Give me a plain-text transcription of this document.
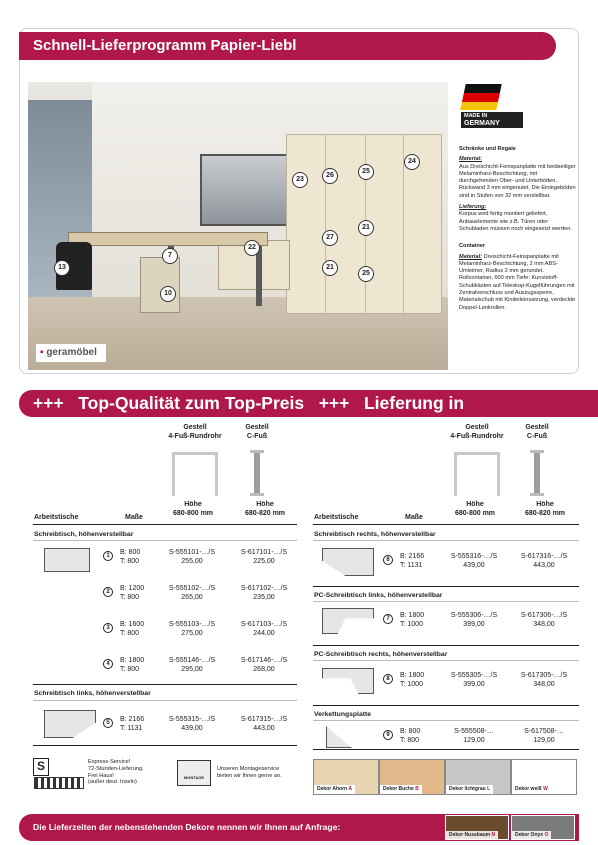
Schnell-Lieferprogramm Papier-Liebl
23
26
25
24
7
22
13
10
21
27
21
25
▪ geramöbel
MADE IN
GERMANY

Schränke und Regale

Material:
Aus Dreischicht-Feinspanplatte mit beidseitiger Melaminharz-Beschichtung, mit durchgehenden Ober- und Unterböden, Rückwand 3 mm eingenutet. Die Einlegeböden sind in Stufen von 32 mm verstellbar.

Lieferung:
Korpus wird fertig montiert geliefert, Anbauelemente wie z.B. Türen oder Schubladen müssen noch eingesetzt werden.

Container

Material: Dreischicht-Feinspanplatte mit Melaminharz-Beschichtung, 2 mm ABS-Umleimer, Radius 2 mm gerundet. Rollcontainer, 600 mm Tiefe: Kunststoff-Schubkästen auf Teleskop-Kugelführungen mit Zentralverschluss und Auszugssperre, Materialschub mit Kiniteileinsatzung, verdeckte Doppel-Lenkrollen.

+++   Top-Qualität zum Top-Preis   +++   Lieferung in
Gestell
4-Fuß-Rundrohr
Gestell
C-Fuß
Höhe
680-800 mm
Höhe
680-820 mm
Arbeitstische	Maße
Gestell
4-Fuß-Rundrohr
Gestell
C-Fuß
Höhe
680-800 mm
Höhe
680-820 mm
Arbeitstische	Maße
Schreibtisch, höhenverstellbar
1	B: 800
T: 800
S-555101-…/S
255,00
S-617101-…/S
225,00
2	B: 1200
T: 800
S-555102-…/S
265,00
S-617102-…/S
235,00
3	B: 1600
T: 800
S-555103-…/S
275,00
S-617103-…/S
244,00
4	B: 1800
T: 800
S-555146-…/S
295,00
S-617146-…/S
268,00
Schreibtisch links, höhenverstellbar
5	B: 2166
T: 1131
S-555315-…/S
439,00
S-617315-…/S
443,00
Schreibtisch rechts, höhenverstellbar
6	B: 2166
T: 1131
S-555316-…/S
439,00
S-617316-…/S
443,00
PC-Schreibtisch links, höhenverstellbar
7	B: 1800
T: 1000
S-555306-…/S
399,00
S-617306-…/S
348,00
PC-Schreibtisch rechts, höhenverstellbar
8	B: 1800
T: 1000
S-555305-…/S
399,00
S-617305-…/S
348,00
Verkettungsplatte
9	B: 800
T: 800
S-555508-…
129,00
S-617508-…
129,00
S	Express-Service!
72-Stunden-Lieferung.
Frei Haus!
(außer deut. Inseln)
MONTAGE
Unseren Montageservice
bieten wir Ihnen gerne an.
Dekor Ahorn A	Dekor Buche B	Dekor lichtgrau L	Dekor weiß W
Die Lieferzeiten der nebenstehenden Dekore nennen wir Ihnen auf Anfrage:
Dekor Nussbaum N	Dekor Onyx O
